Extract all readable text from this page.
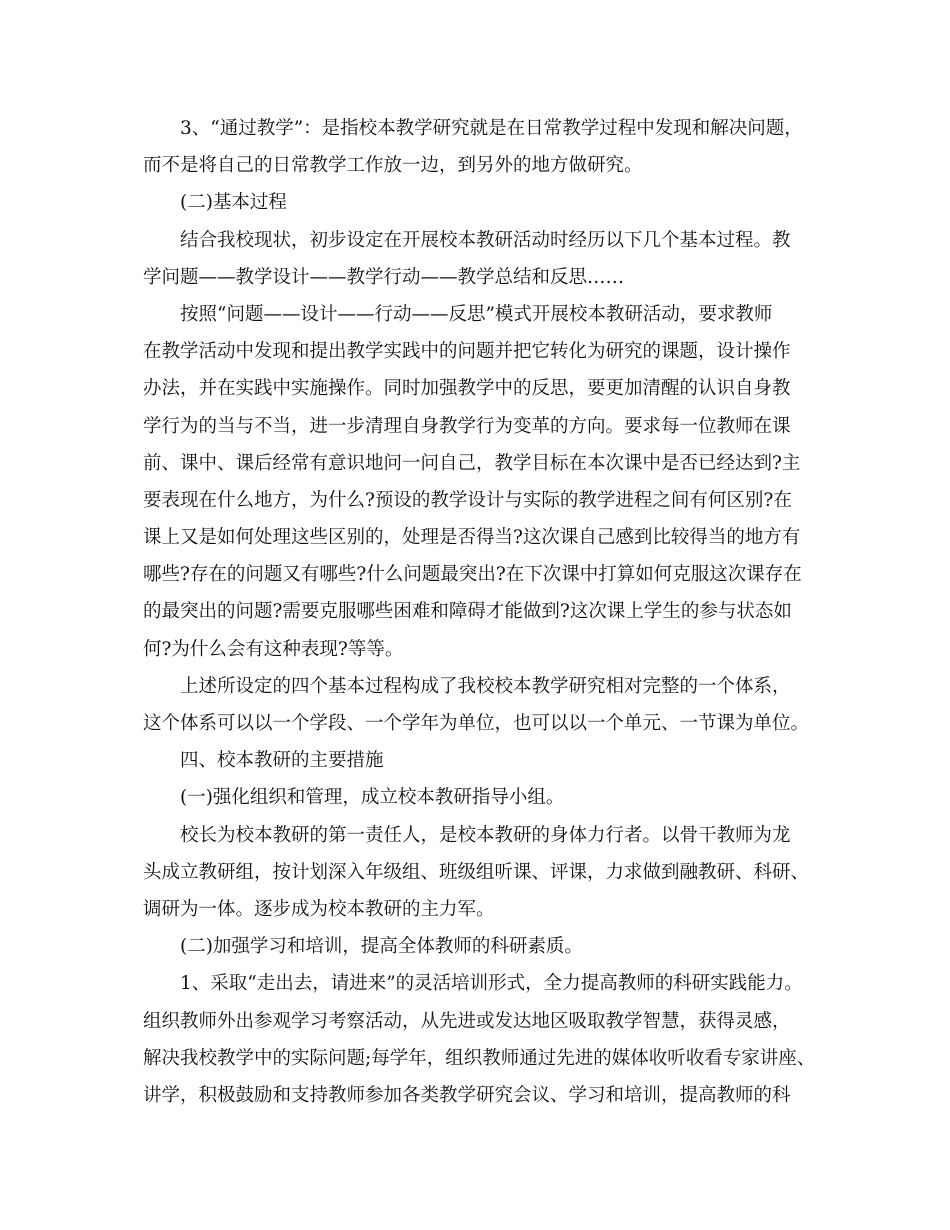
3、“通过教学”：是指校本教学研究就是在日常教学过程中发现和解决问题，
而不是将自己的日常教学工作放一边，到另外的地方做研究。
(二)基本过程
结合我校现状，初步设定在开展校本教研活动时经历以下几个基本过程。教
学问题——教学设计——教学行动——教学总结和反思……
按照“问题——设计——行动——反思”模式开展校本教研活动，要求教师
在教学活动中发现和提出教学实践中的问题并把它转化为研究的课题，设计操作
办法，并在实践中实施操作。同时加强教学中的反思，要更加清醒的认识自身教
学行为的当与不当，进一步清理自身教学行为变革的方向。要求每一位教师在课
前、课中、课后经常有意识地问一问自己，教学目标在本次课中是否已经达到?主
要表现在什么地方，为什么?预设的教学设计与实际的教学进程之间有何区别?在
课上又是如何处理这些区别的，处理是否得当?这次课自己感到比较得当的地方有
哪些?存在的问题又有哪些?什么问题最突出?在下次课中打算如何克服这次课存在
的最突出的问题?需要克服哪些困难和障碍才能做到?这次课上学生的参与状态如
何?为什么会有这种表现?等等。
上述所设定的四个基本过程构成了我校校本教学研究相对完整的一个体系，
这个体系可以以一个学段、一个学年为单位，也可以以一个单元、一节课为单位。
四、校本教研的主要措施
(一)强化组织和管理，成立校本教研指导小组。
校长为校本教研的第一责任人，是校本教研的身体力行者。以骨干教师为龙
头成立教研组，按计划深入年级组、班级组听课、评课，力求做到融教研、科研、
调研为一体。逐步成为校本教研的主力军。
(二)加强学习和培训，提高全体教师的科研素质。
1、采取“走出去，请进来”的灵活培训形式，全力提高教师的科研实践能力。
组织教师外出参观学习考察活动，从先进或发达地区吸取教学智慧，获得灵感，
解决我校教学中的实际问题;每学年，组织教师通过先进的媒体收听收看专家讲座、
讲学，积极鼓励和支持教师参加各类教学研究会议、学习和培训，提高教师的科
